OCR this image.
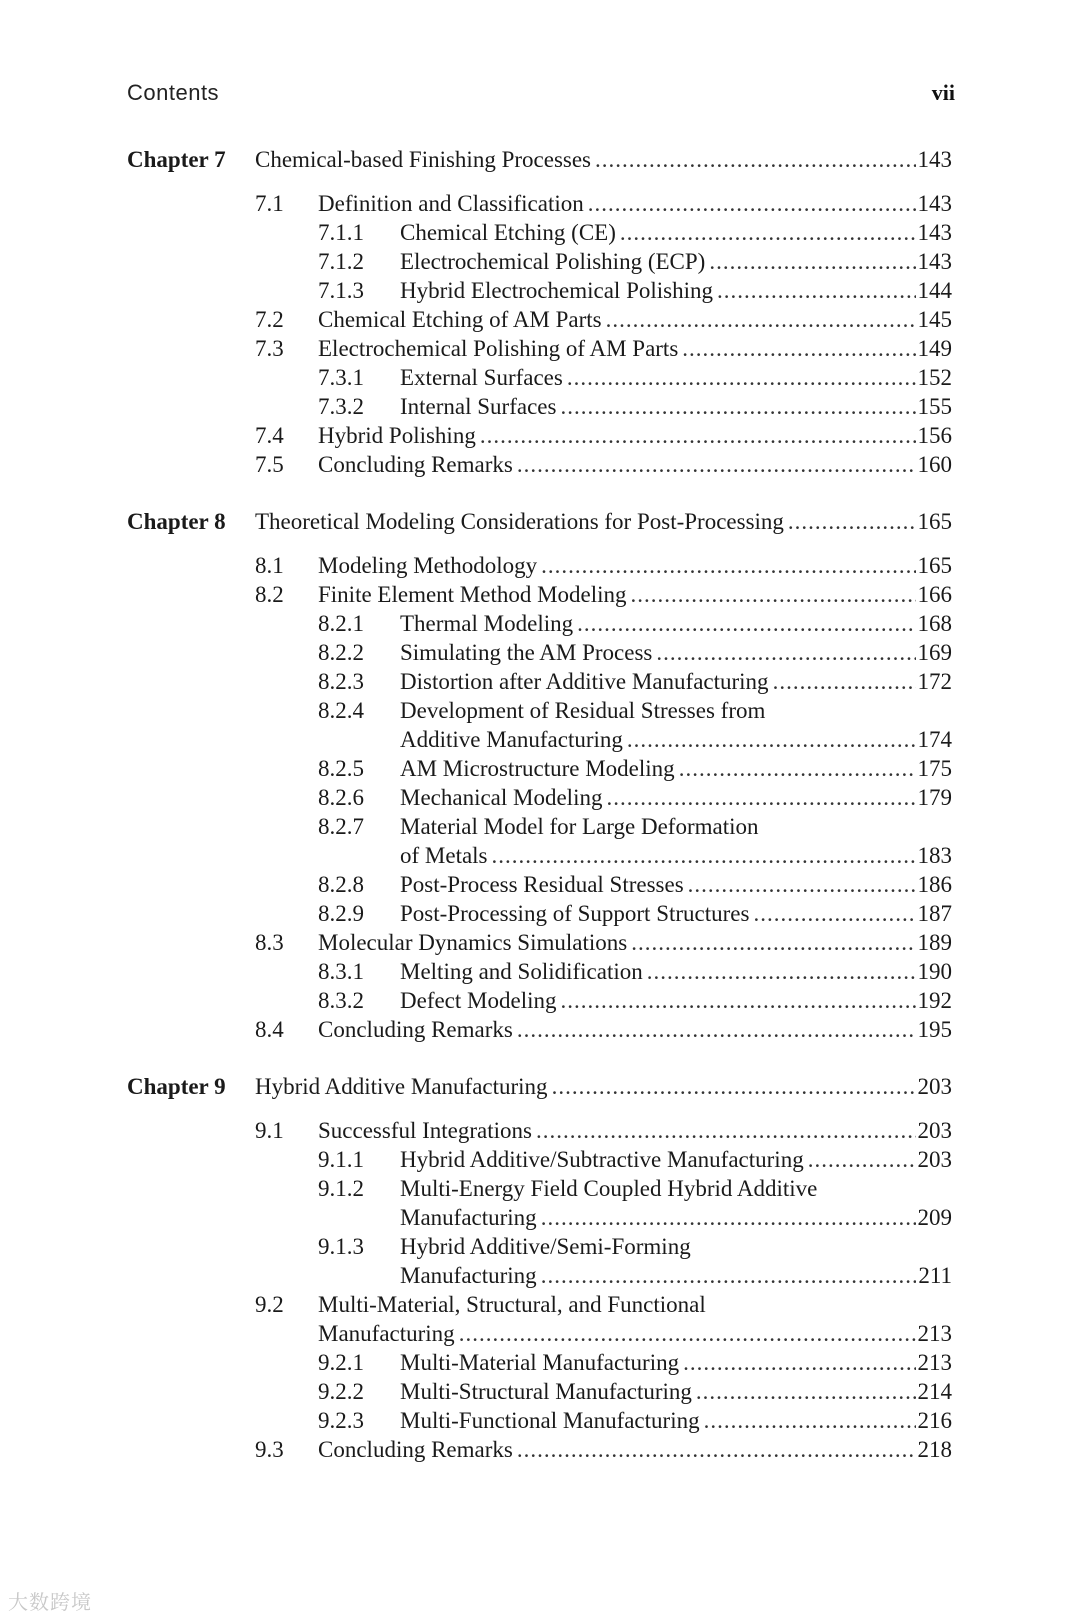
Contents	vii
Chapter 7 Chemical-based Finishing Processes .....	143
7.1 Definition and Classification .....	143
7.1.1 Chemical Etching (CE) .....	143
7.1.2 Electrochemical Polishing (ECP) .....	143
7.1.3 Hybrid Electrochemical Polishing .....	144
7.2 Chemical Etching of AM Parts .....	145
7.3 Electrochemical Polishing of AM Parts .....	149
7.3.1 External Surfaces .....	152
7.3.2 Internal Surfaces .....	155
7.4 Hybrid Polishing .....	156
7.5 Concluding Remarks .....	160
Chapter 8 Theoretical Modeling Considerations for Post-Processing .....	165
8.1 Modeling Methodology .....	165
8.2 Finite Element Method Modeling .....	166
8.2.1 Thermal Modeling .....	168
8.2.2 Simulating the AM Process .....	169
8.2.3 Distortion after Additive Manufacturing .....	172
8.2.4 Development of Residual Stresses from
Additive Manufacturing .....	174
8.2.5 AM Microstructure Modeling .....	175
8.2.6 Mechanical Modeling .....	179
8.2.7 Material Model for Large Deformation
of Metals .....	183
8.2.8 Post-Process Residual Stresses .....	186
8.2.9 Post-Processing of Support Structures .....	187
8.3 Molecular Dynamics Simulations .....	189
8.3.1 Melting and Solidification .....	190
8.3.2 Defect Modeling .....	192
8.4 Concluding Remarks .....	195
Chapter 9 Hybrid Additive Manufacturing .....	203
9.1 Successful Integrations .....	203
9.1.1 Hybrid Additive/Subtractive Manufacturing .....	203
9.1.2 Multi-Energy Field Coupled Hybrid Additive
Manufacturing .....	209
9.1.3 Hybrid Additive/Semi-Forming
Manufacturing .....	211
9.2 Multi-Material, Structural, and Functional
Manufacturing .....	213
9.2.1 Multi-Material Manufacturing .....	213
9.2.2 Multi-Structural Manufacturing .....	214
9.2.3 Multi-Functional Manufacturing .....	216
9.3 Concluding Remarks .....	218
大数跨境
